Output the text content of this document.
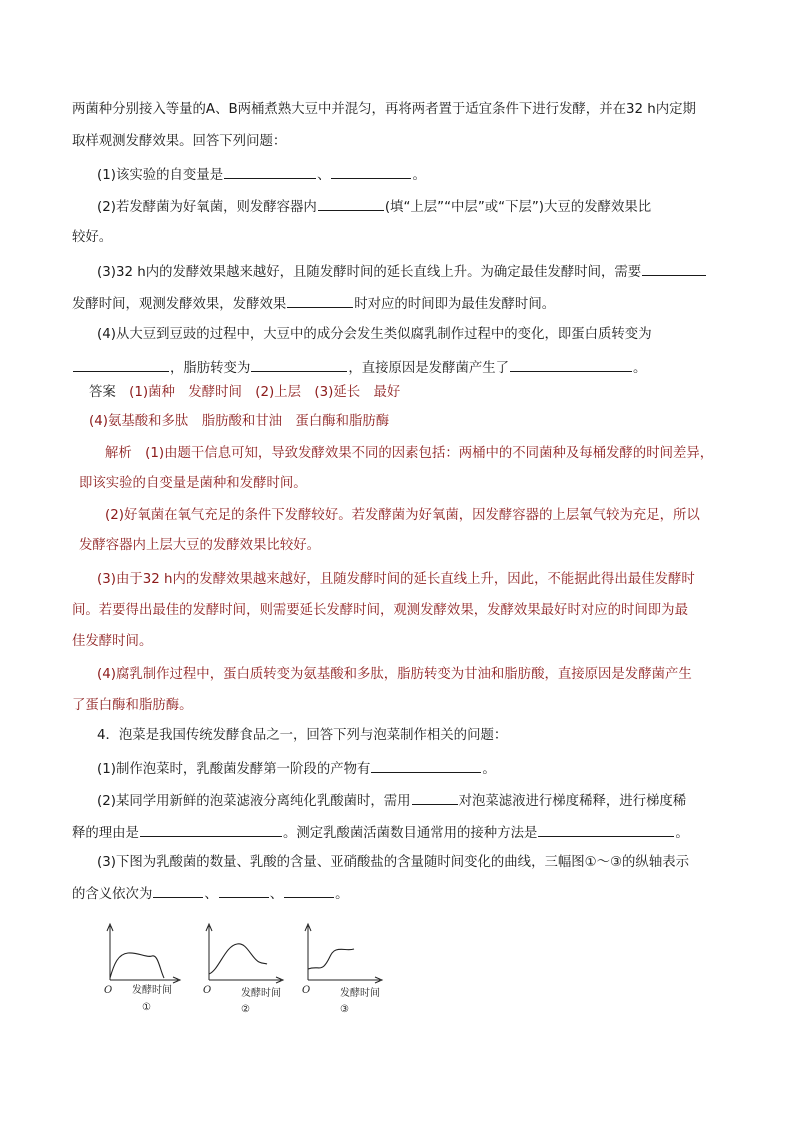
两菌种分别接入等量的A、B两桶煮熟大豆中并混匀，再将两者置于适宜条件下进行发酵，并在32 h内定期
取样观测发酵效果。回答下列问题：
(1)该实验的自变量是	、	。
(2)若发酵菌为好氧菌，则发酵容器内	(填“上层”“中层”或“下层”)大豆的发酵效果比
较好。
(3)32 h内的发酵效果越来越好，且随发酵时间的延长直线上升。为确定最佳发酵时间，需要
发酵时间，观测发酵效果，发酵效果	时对应的时间即为最佳发酵时间。
(4)从大豆到豆豉的过程中，大豆中的成分会发生类似腐乳制作过程中的变化，即蛋白质转变为
，脂肪转变为	，直接原因是发酵菌产生了	。
答案　 (1)菌种　发酵时间　(2)上层　(3)延长　最好
(4)氨基酸和多肽　脂肪酸和甘油　蛋白酶和脂肪酶
解析　 (1)由题干信息可知，导致发酵效果不同的因素包括：两桶中的不同菌种及每桶发酵的时间差异，
即该实验的自变量是菌种和发酵时间。
(2)好氧菌在氧气充足的条件下发酵较好。若发酵菌为好氧菌，因发酵容器的上层氧气较为充足，所以
发酵容器内上层大豆的发酵效果比较好。
(3)由于32 h内的发酵效果越来越好，且随发酵时间的延长直线上升，因此，不能据此得出最佳发酵时
间。若要得出最佳的发酵时间，则需要延长发酵时间，观测发酵效果，发酵效果最好时对应的时间即为最
佳发酵时间。
(4)腐乳制作过程中，蛋白质转变为氨基酸和多肽，脂肪转变为甘油和脂肪酸，直接原因是发酵菌产生
了蛋白酶和脂肪酶。
4．泡菜是我国传统发酵食品之一，回答下列与泡菜制作相关的问题：
(1)制作泡菜时，乳酸菌发酵第一阶段的产物有	。
(2)某同学用新鲜的泡菜滤液分离纯化乳酸菌时，需用	对泡菜滤液进行梯度稀释，进行梯度稀
释的理由是	。测定乳酸菌活菌数目通常用的接种方法是	。
(3)下图为乳酸菌的数量、乳酸的含量、亚硝酸盐的含量随时间变化的曲线，三幅图①～③的纵轴表示
的含义依次为	、	、	。
O 发酵时间
①
O	发酵时间
②
O	发酵时间
③
